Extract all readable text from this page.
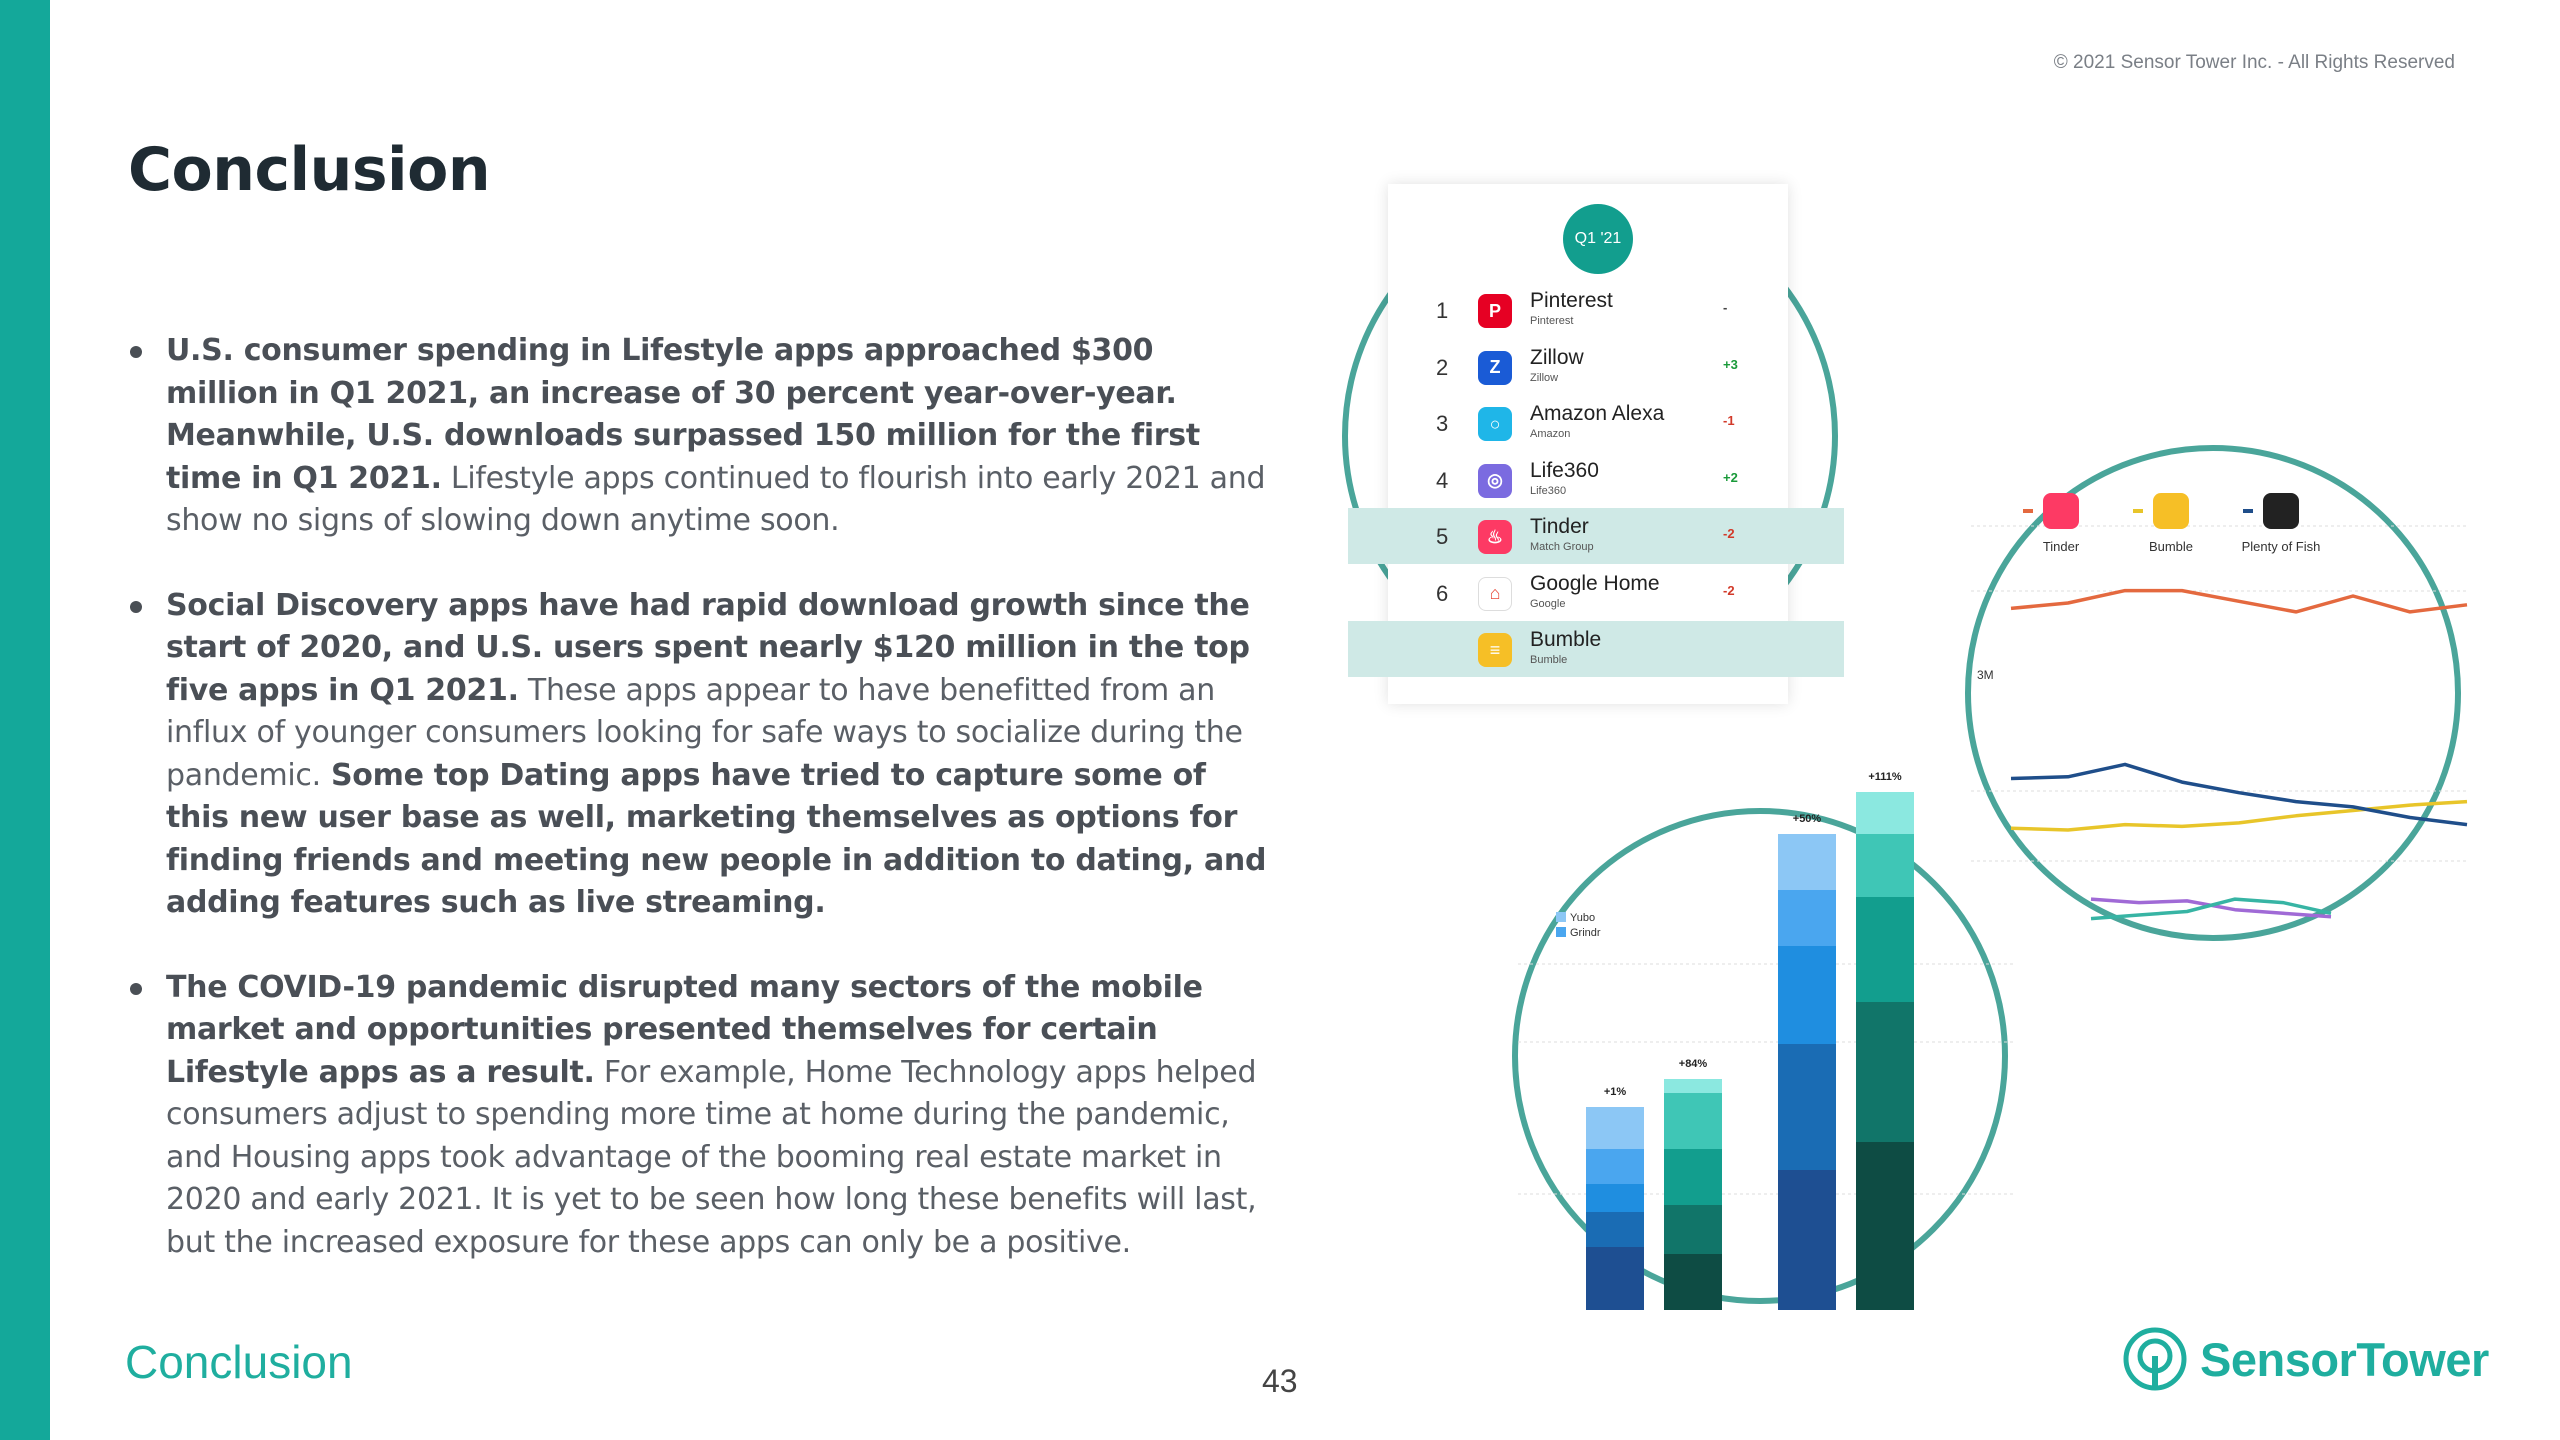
© 2021 Sensor Tower Inc. - All Rights Reserved
Conclusion
U.S. consumer spending in Lifestyle apps approached $300 million in Q1 2021, an increase of 30 percent year-over-year. Meanwhile, U.S. downloads surpassed 150 million for the first time in Q1 2021. Lifestyle apps continued to flourish into early 2021 and show no signs of slowing down anytime soon.
Social Discovery apps have had rapid download growth since the start of 2020, and U.S. users spent nearly $120 million in the top five apps in Q1 2021. These apps appear to have benefitted from an influx of younger consumers looking for safe ways to socialize during the pandemic. Some top Dating apps have tried to capture some of this new user base as well, marketing themselves as options for finding friends and meeting new people in addition to dating, and adding features such as live streaming.
The COVID-19 pandemic disrupted many sectors of the mobile market and opportunities presented themselves for certain Lifestyle apps as a result. For example, Home Technology apps helped consumers adjust to spending more time at home during the pandemic, and Housing apps took advantage of the booming real estate market in 2020 and early 2021. It is yet to be seen how long these benefits will last, but the increased exposure for these apps can only be a positive.
Q1 '21
1	P	Pinterest
Pinterest
-
2	Z	Zillow
Zillow
+3
3	○	Amazon Alexa
Amazon
-1
4	◎	Life360
Life360
+2
5	♨	Tinder
Match Group
-2
6	⌂	Google Home
Google
-2
≡	Bumble
Bumble
Tinder	Bumble	Plenty of Fish
3M
Yubo
Grindr
+1%
+84%
+50%
+111%
Conclusion	43	SensorTower
